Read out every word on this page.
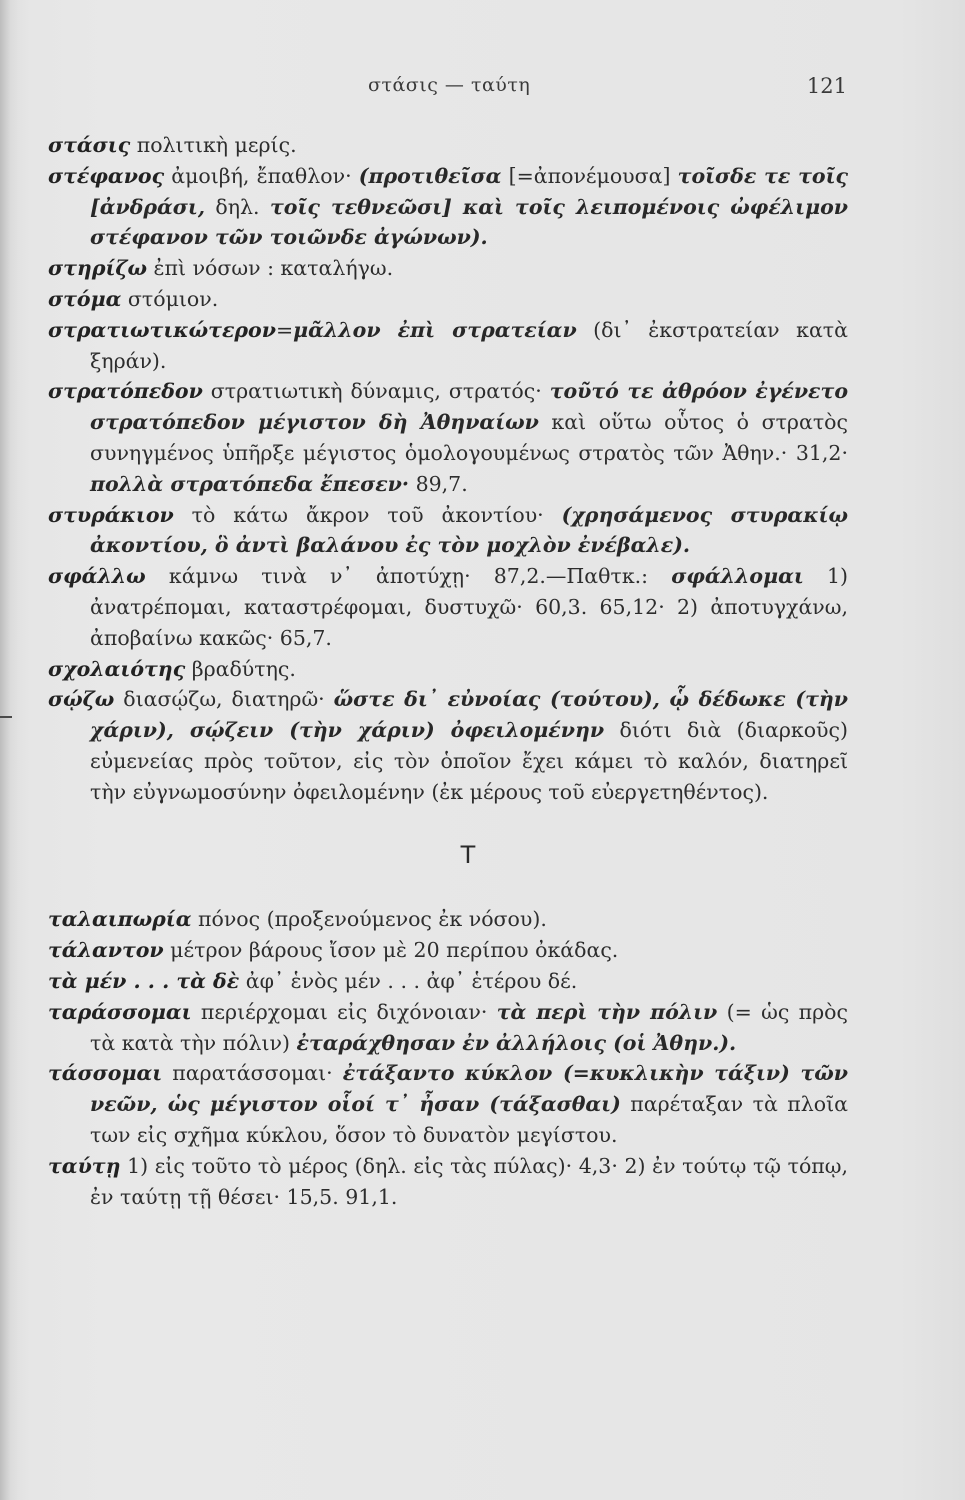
στάσις — ταύτη	121

στάσις πολιτικὴ μερίς.

στέφανος ἀμοιβή, ἔπαθλον· (προτιθεῖσα [=ἀπονέμουσα] τοῖσδε τε τοῖς [ἀνδράσι, δηλ. τοῖς τεθνεῶσι] καὶ τοῖς λειπομένοις ὠφέλιμον στέφανον τῶν τοιῶνδε ἀγώνων).

στηρίζω ἐπὶ νόσων : καταλήγω.

στόμα στόμιον.

στρατιωτικώτερον=μᾶλλον ἐπὶ στρατείαν (δι᾽ ἐκστρατείαν κατὰ ξηράν).

στρατόπεδον στρατιωτικὴ δύναμις, στρατός· τοῦτό τε ἀθρόον ἐγένετο στρατόπεδον μέγιστον δὴ Ἀθηναίων καὶ οὕτω οὗτος ὁ στρατὸς συνηγμένος ὑπῆρξε μέγιστος ὁμολογουμένως στρατὸς τῶν Ἀθην.· 31,2· πολλὰ στρατόπεδα ἔπεσεν· 89,7.

στυράκιον τὸ κάτω ἄκρον τοῦ ἀκοντίου· (χρησάμενος στυρακίῳ ἀκοντίου, ὃ ἀντὶ βαλάνου ἐς τὸν μοχλὸν ἐνέβαλε).

σφάλλω κάμνω τινὰ ν᾽ ἀποτύχῃ· 87,2.—Παθτκ.: σφάλλομαι 1) ἀνατρέπομαι, καταστρέφομαι, δυστυχῶ· 60,3. 65,12· 2) ἀποτυγχάνω, ἀποβαίνω κακῶς· 65,7.

σχολαιότης βραδύτης.

σῴζω διασῴζω, διατηρῶ· ὥστε δι᾽ εὐνοίας (τούτου), ᾧ δέδωκε (τὴν χάριν), σῴζειν (τὴν χάριν) ὀφειλομένην διότι διὰ (διαρκοῦς) εὐμενείας πρὸς τοῦτον, εἰς τὸν ὁποῖον ἔχει κάμει τὸ καλόν, διατηρεῖ τὴν εὐγνωμοσύνην ὀφειλομένην (ἐκ μέρους τοῦ εὐεργετηθέντος).

Τ

ταλαιπωρία πόνος (προξενούμενος ἐκ νόσου).

τάλαντον μέτρον βάρους ἴσον μὲ 20 περίπου ὀκάδας.

τὰ μέν . . . τὰ δὲ ἀφ᾽ ἑνὸς μέν . . . ἀφ᾽ ἑτέρου δέ.

ταράσσομαι περιέρχομαι εἰς διχόνοιαν· τὰ περὶ τὴν πόλιν (= ὡς πρὸς τὰ κατὰ τὴν πόλιν) ἐταράχθησαν ἐν ἀλλήλοις (οἱ Ἀθην.).

τάσσομαι παρατάσσομαι· ἐτάξαντο κύκλον (=κυκλικὴν τάξιν) τῶν νεῶν, ὡς μέγιστον οἷοί τ᾽ ἦσαν (τάξασθαι) παρέταξαν τὰ πλοῖα των εἰς σχῆμα κύκλου, ὅσον τὸ δυνατὸν μεγίστου.

ταύτῃ 1) εἰς τοῦτο τὸ μέρος (δηλ. εἰς τὰς πύλας)· 4,3· 2) ἐν τούτῳ τῷ τόπῳ, ἐν ταύτῃ τῇ θέσει· 15,5. 91,1.
